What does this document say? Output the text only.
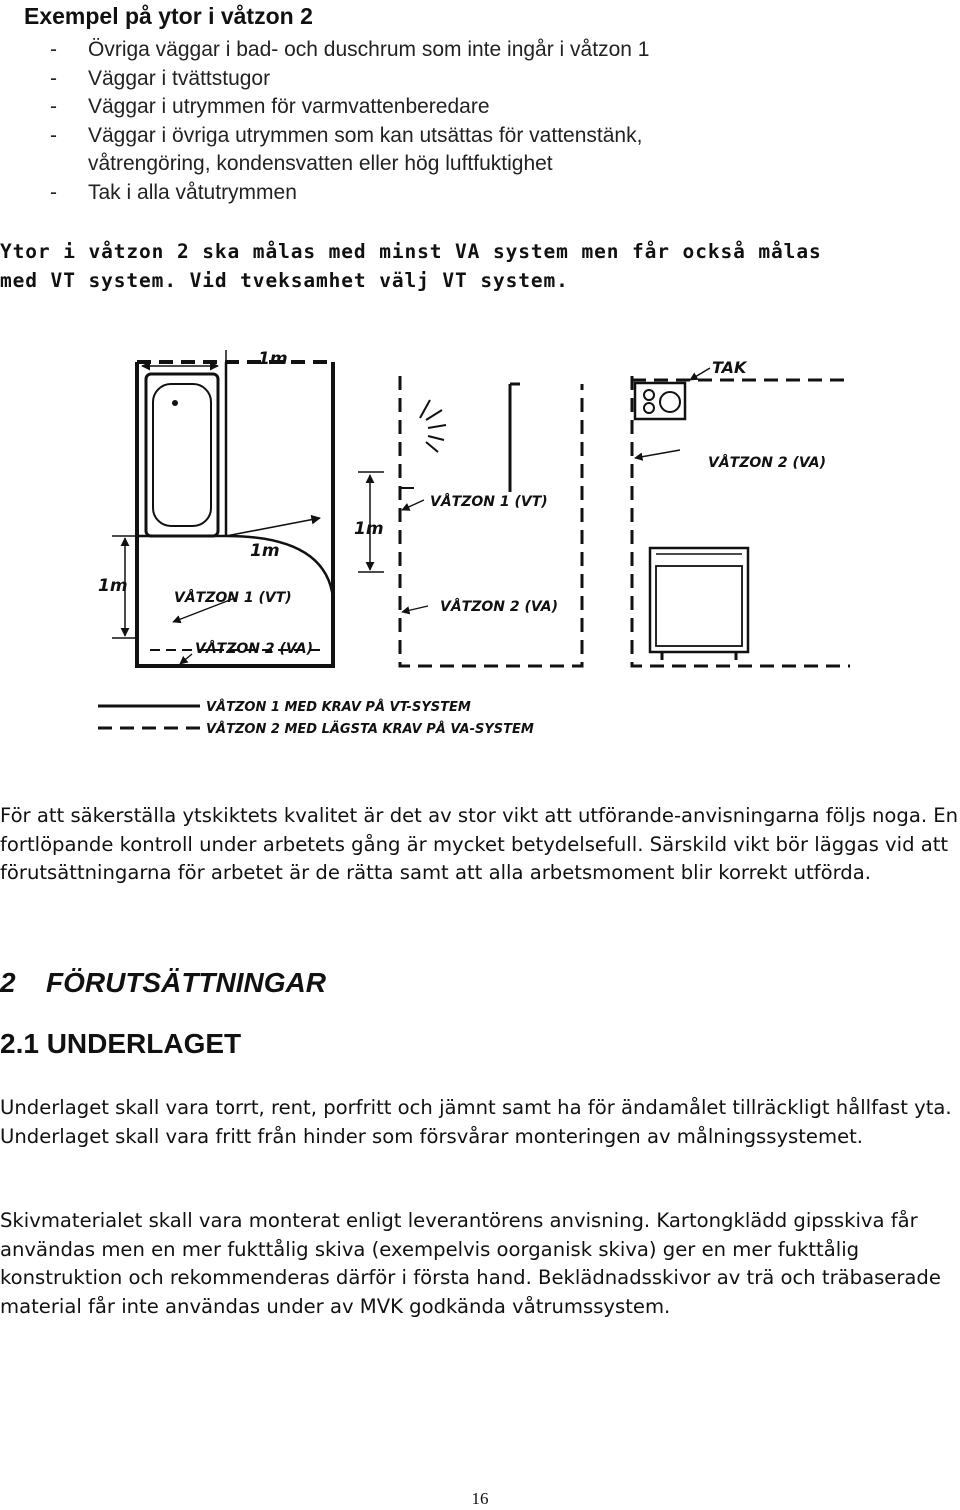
Exempel på ytor i våtzon 2
-	Övriga väggar i bad- och duschrum som inte ingår i våtzon 1
-	Väggar i tvättstugor
-	Väggar i utrymmen för varmvattenberedare
-	Väggar i övriga utrymmen som kan utsättas för vattenstänk,
våtrengöring, kondensvatten eller hög luftfuktighet
-	Tak i alla våtutrymmen

Ytor i våtzon 2 ska målas med minst VA system men får också målas med VT system. Vid tveksamhet välj VT system.

1m
1m
1m
1m
VÅTZON 1 (VT)
VÅTZON 2 (VA)
VÅTZON 1 (VT)
VÅTZON 2 (VA)
TAK
VÅTZON 2 (VA)
VÅTZON 1 MED KRAV PÅ VT-SYSTEM
VÅTZON 2 MED LÄGSTA KRAV PÅ VA-SYSTEM

För att säkerställa ytskiktets kvalitet är det av stor vikt att utförande-anvisningarna följs noga. En fortlöpande kontroll under arbetets gång är mycket betydelsefull. Särskild vikt bör läggas vid att förutsättningarna för arbetet är de rätta samt att alla arbetsmoment blir korrekt utförda.

2 FÖRUTSÄTTNINGAR
2.1 UNDERLAGET

Underlaget skall vara torrt, rent, porfritt och jämnt samt ha för ändamålet tillräckligt hållfast yta. Underlaget skall vara fritt från hinder som försvårar monteringen av målningssystemet.

Skivmaterialet skall vara monterat enligt leverantörens anvisning. Kartongklädd gipsskiva får användas men en mer fukttålig skiva (exempelvis oorganisk skiva) ger en mer fukttålig konstruktion och rekommenderas därför i första hand. Beklädnadsskivor av trä och träbaserade material får inte användas under av MVK godkända våtrumssystem.

16
